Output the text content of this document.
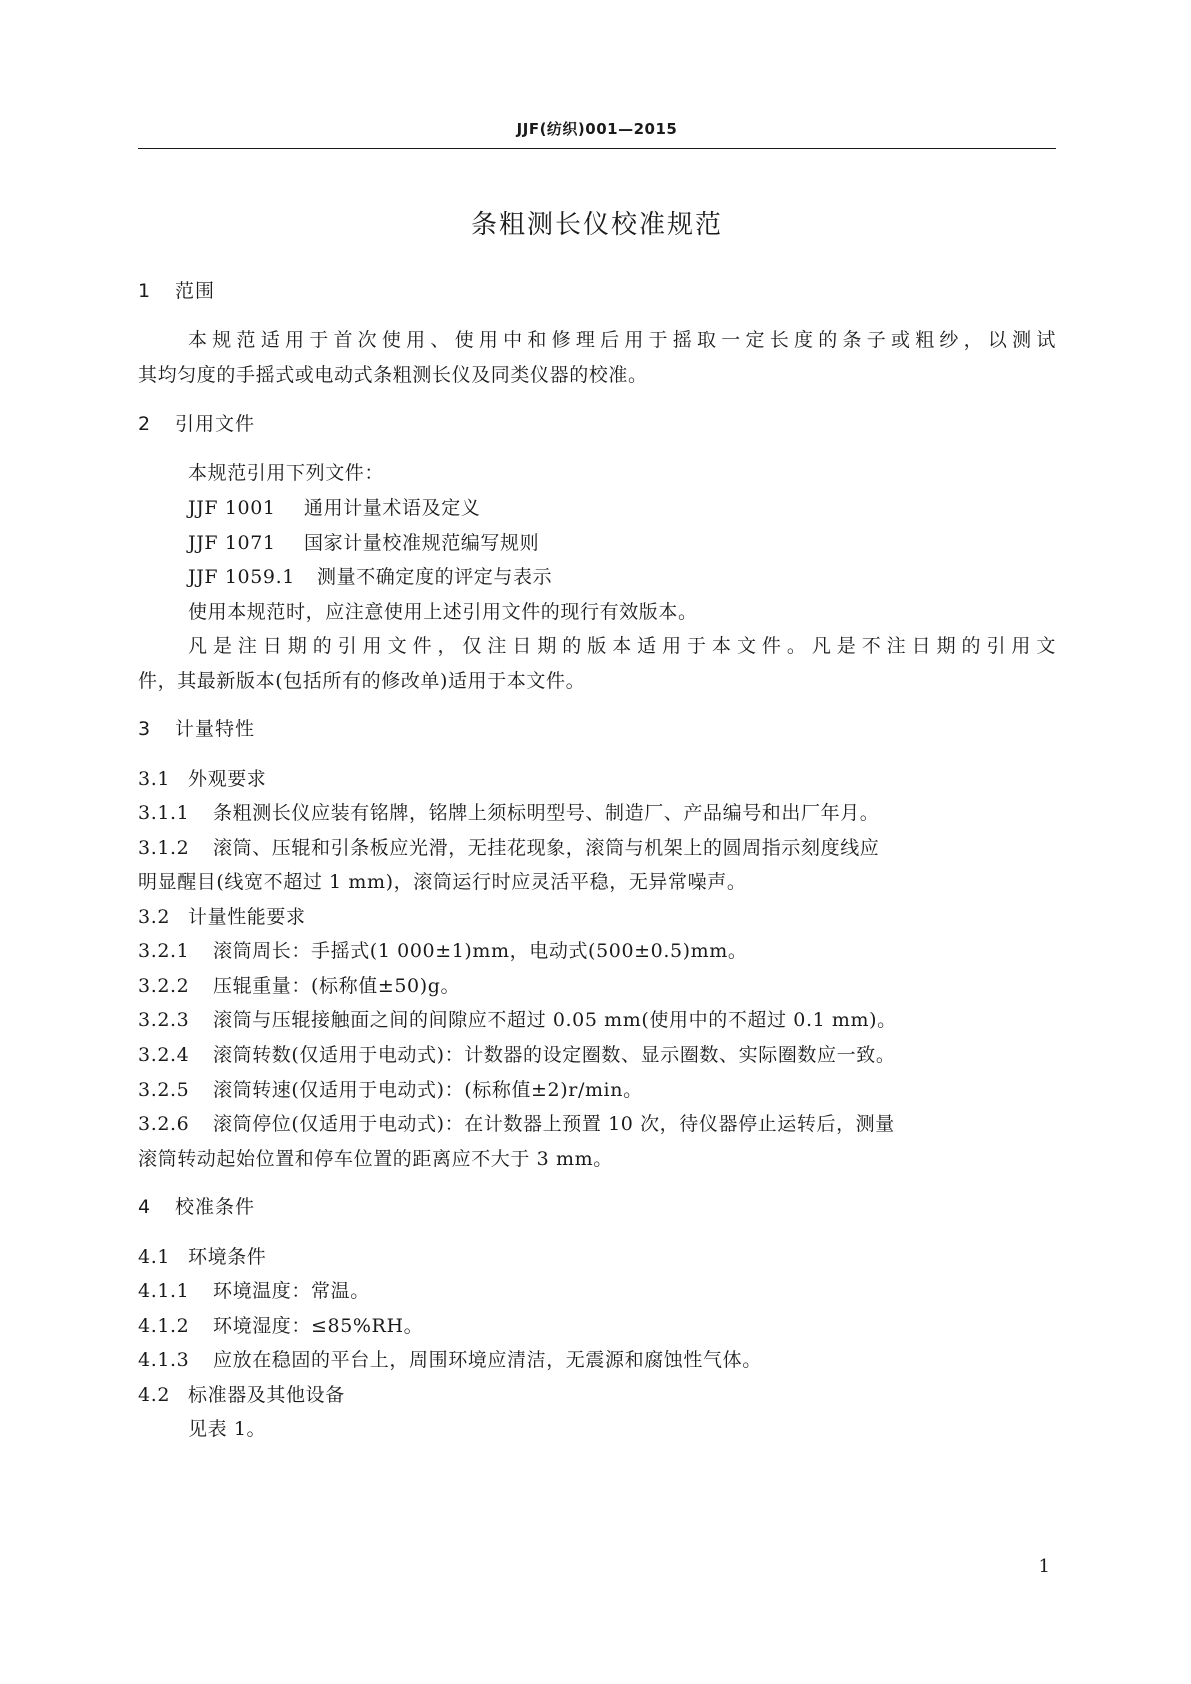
JJF(纺织)001—2015
条粗测长仪校准规范
1 范围
本规范适用于首次使用、使用中和修理后用于摇取一定长度的条子或粗纱，以测试
其均匀度的手摇式或电动式条粗测长仪及同类仪器的校准。
2 引用文件
本规范引用下列文件：
JJF 1001 通用计量术语及定义
JJF 1071 国家计量校准规范编写规则
JJF 1059.1 测量不确定度的评定与表示
使用本规范时，应注意使用上述引用文件的现行有效版本。
凡是注日期的引用文件，仅注日期的版本适用于本文件。凡是不注日期的引用文
件，其最新版本(包括所有的修改单)适用于本文件。
3 计量特性
3.1 外观要求
3.1.1 条粗测长仪应装有铭牌，铭牌上须标明型号、制造厂、产品编号和出厂年月。
3.1.2 滚筒、压辊和引条板应光滑，无挂花现象，滚筒与机架上的圆周指示刻度线应
明显醒目(线宽不超过 1 mm)，滚筒运行时应灵活平稳，无异常噪声。
3.2 计量性能要求
3.2.1 滚筒周长：手摇式(1 000±1)mm，电动式(500±0.5)mm。
3.2.2 压辊重量：(标称值±50)g。
3.2.3 滚筒与压辊接触面之间的间隙应不超过 0.05 mm(使用中的不超过 0.1 mm)。
3.2.4 滚筒转数(仅适用于电动式)：计数器的设定圈数、显示圈数、实际圈数应一致。
3.2.5 滚筒转速(仅适用于电动式)：(标称值±2)r/min。
3.2.6 滚筒停位(仅适用于电动式)：在计数器上预置 10 次，待仪器停止运转后，测量
滚筒转动起始位置和停车位置的距离应不大于 3 mm。
4 校准条件
4.1 环境条件
4.1.1 环境温度：常温。
4.1.2 环境湿度：≤85%RH。
4.1.3 应放在稳固的平台上，周围环境应清洁，无震源和腐蚀性气体。
4.2 标准器及其他设备
见表 1。
1
